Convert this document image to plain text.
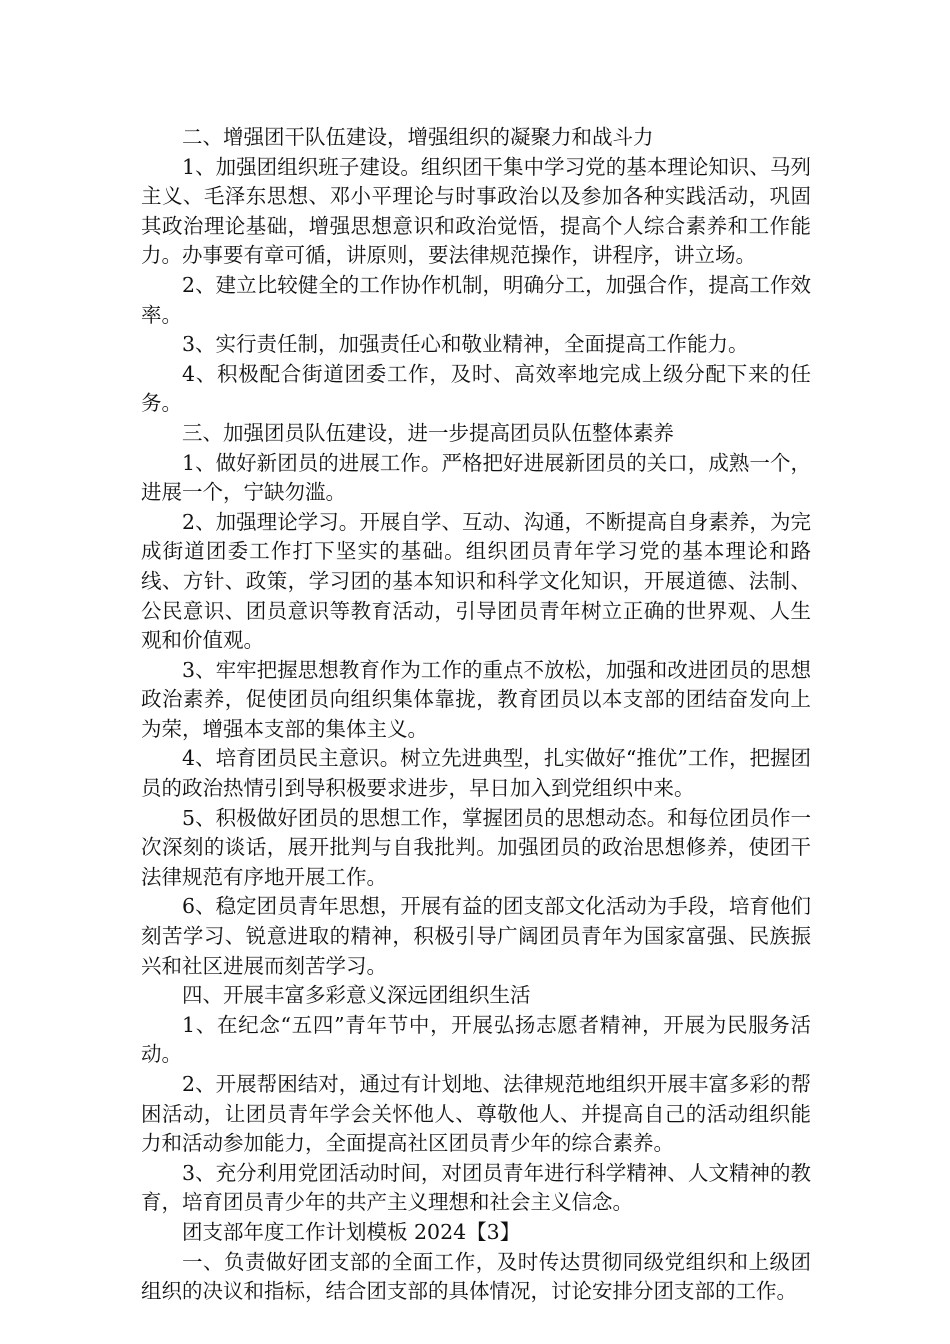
二、增强团干队伍建设，增强组织的凝聚力和战斗力

1、加强团组织班子建设。组织团干集中学习党的基本理论知识、马列主义、毛泽东思想、邓小平理论与时事政治以及参加各种实践活动，巩固其政治理论基础，增强思想意识和政治觉悟，提高个人综合素养和工作能力。办事要有章可循，讲原则，要法律规范操作，讲程序，讲立场。

2、建立比较健全的工作协作机制，明确分工，加强合作，提高工作效率。

3、实行责任制，加强责任心和敬业精神，全面提高工作能力。

4、积极配合街道团委工作，及时、高效率地完成上级分配下来的任务。

三、加强团员队伍建设，进一步提高团员队伍整体素养

1、做好新团员的进展工作。严格把好进展新团员的关口，成熟一个，进展一个，宁缺勿滥。

2、加强理论学习。开展自学、互动、沟通，不断提高自身素养，为完成街道团委工作打下坚实的基础。组织团员青年学习党的基本理论和路线、方针、政策，学习团的基本知识和科学文化知识，开展道德、法制、公民意识、团员意识等教育活动，引导团员青年树立正确的世界观、人生观和价值观。

3、牢牢把握思想教育作为工作的重点不放松，加强和改进团员的思想政治素养，促使团员向组织集体靠拢，教育团员以本支部的团结奋发向上为荣，增强本支部的集体主义。

4、培育团员民主意识。树立先进典型，扎实做好“推优”工作，把握团员的政治热情引到导积极要求进步，早日加入到党组织中来。

5、积极做好团员的思想工作，掌握团员的思想动态。和每位团员作一次深刻的谈话，展开批判与自我批判。加强团员的政治思想修养，使团干法律规范有序地开展工作。

6、稳定团员青年思想，开展有益的团支部文化活动为手段，培育他们刻苦学习、锐意进取的精神，积极引导广阔团员青年为国家富强、民族振兴和社区进展而刻苦学习。

四、开展丰富多彩意义深远团组织生活

1、在纪念“五四”青年节中，开展弘扬志愿者精神，开展为民服务活动。

2、开展帮困结对，通过有计划地、法律规范地组织开展丰富多彩的帮困活动，让团员青年学会关怀他人、尊敬他人、并提高自己的活动组织能力和活动参加能力，全面提高社区团员青少年的综合素养。

3、充分利用党团活动时间，对团员青年进行科学精神、人文精神的教育，培育团员青少年的共产主义理想和社会主义信念。

团支部年度工作计划模板 2024【3】

一、负责做好团支部的全面工作，及时传达贯彻同级党组织和上级团组织的决议和指标，结合团支部的具体情况，讨论安排分团支部的工作。
